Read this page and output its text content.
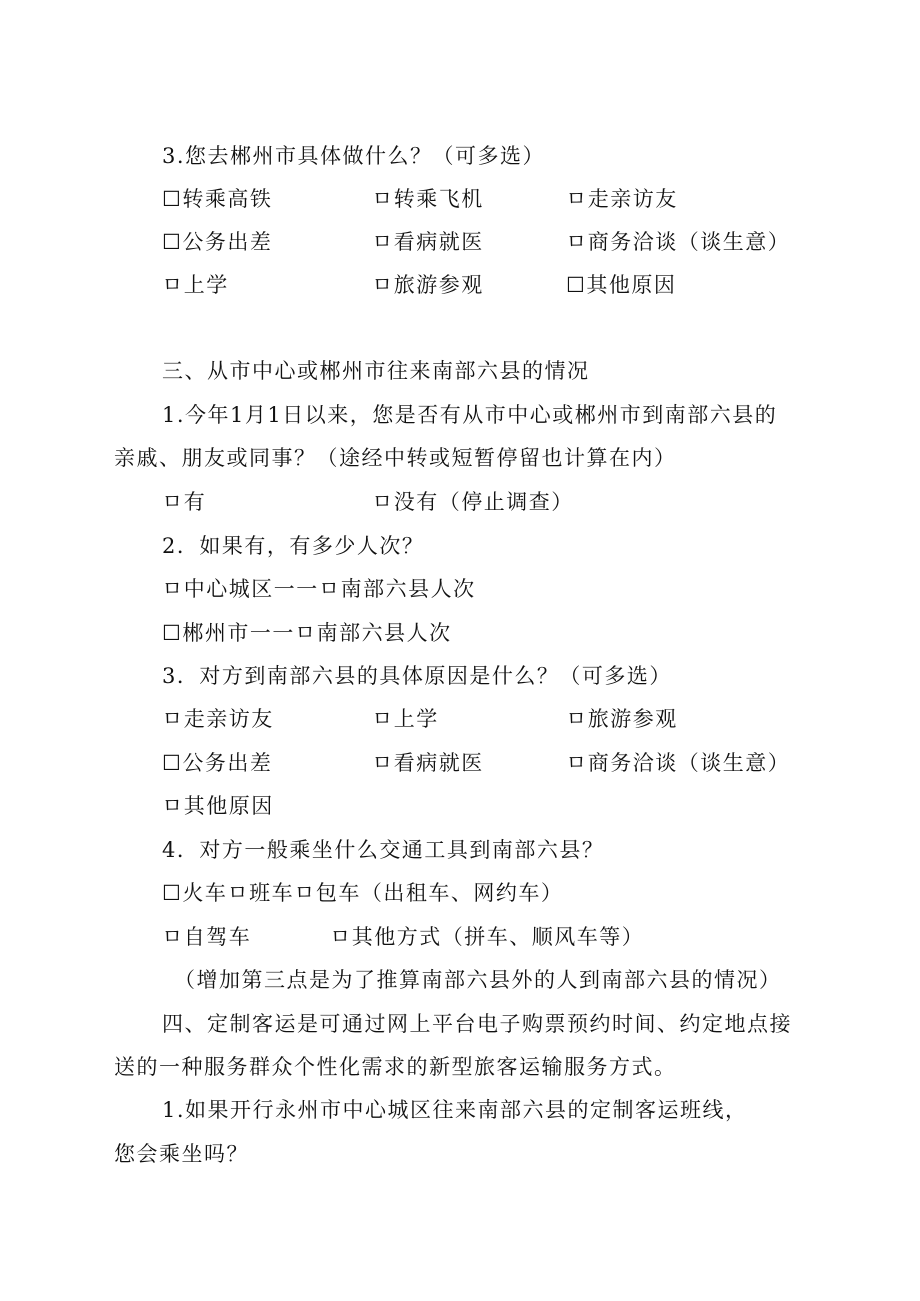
3.您去郴州市具体做什么？（可多选）
☐转乘高铁	ㅁ转乘飞机	ㅁ走亲访友
☐公务出差	ㅁ看病就医	ㅁ商务洽谈（谈生意）
ㅁ上学	ㅁ旅游参观	☐其他原因
三、从市中心或郴州市往来南部六县的情况
1.今年1月1日以来，您是否有从市中心或郴州市到南部六县的
亲戚、朋友或同事？（途经中转或短暂停留也计算在内）
ㅁ有	ㅁ没有（停止调查）
2．如果有，有多少人次？
ㅁ中心城区一一ㅁ南部六县人次
☐郴州市一一ㅁ南部六县人次
3．对方到南部六县的具体原因是什么？（可多选）
ㅁ走亲访友	ㅁ上学	ㅁ旅游参观
☐公务出差	ㅁ看病就医	ㅁ商务洽谈（谈生意）
ㅁ其他原因
4．对方一般乘坐什么交通工具到南部六县？
☐火车ㅁ班车ㅁ包车（出租车、网约车）
ㅁ自驾车	ㅁ其他方式（拼车、顺风车等）
（增加第三点是为了推算南部六县外的人到南部六县的情况）
四、定制客运是可通过网上平台电子购票预约时间、约定地点接
送的一种服务群众个性化需求的新型旅客运输服务方式。
1.如果开行永州市中心城区往来南部六县的定制客运班线，
您会乘坐吗？
